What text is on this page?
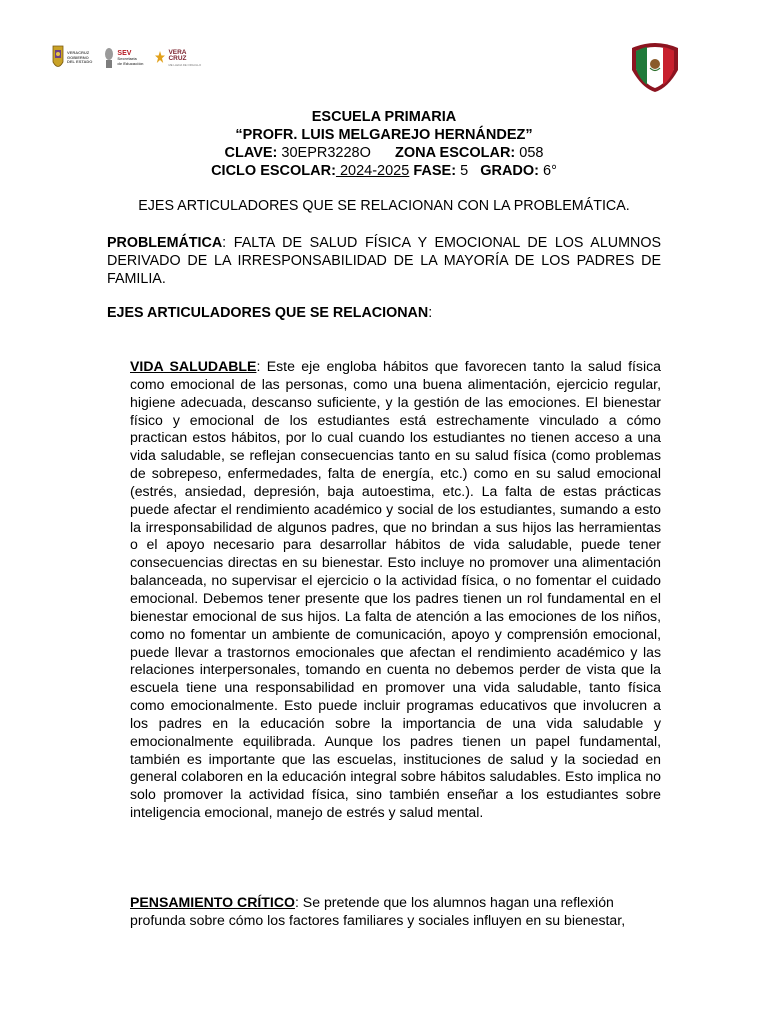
VERACRUZ
GOBIERNO
DEL ESTADO
SEV
Secretaría
de Educación
VERA
CRUZ
ME LLENA DE ORGULLO
ESCUELA PRIMARIA
“PROFR. LUIS MELGAREJO HERNÁNDEZ”
CLAVE: 30EPR3228O ZONA ESCOLAR: 058
CICLO ESCOLAR: 2024-2025 FASE: 5 GRADO: 6°
EJES ARTICULADORES QUE SE RELACIONAN CON LA PROBLEMÁTICA.
PROBLEMÁTICA: FALTA DE SALUD FÍSICA Y EMOCIONAL DE LOS ALUMNOS DERIVADO DE LA IRRESPONSABILIDAD DE LA MAYORÍA DE LOS PADRES DE FAMILIA.
EJES ARTICULADORES QUE SE RELACIONAN:
VIDA SALUDABLE: Este eje engloba hábitos que favorecen tanto la salud física como emocional de las personas, como una buena alimentación, ejercicio regular, higiene adecuada, descanso suficiente, y la gestión de las emociones. El bienestar físico y emocional de los estudiantes está estrechamente vinculado a cómo practican estos hábitos, por lo cual cuando los estudiantes no tienen acceso a una vida saludable, se reflejan consecuencias tanto en su salud física (como problemas de sobrepeso, enfermedades, falta de energía, etc.) como en su salud emocional (estrés, ansiedad, depresión, baja autoestima, etc.). La falta de estas prácticas puede afectar el rendimiento académico y social de los estudiantes, sumando a esto la irresponsabilidad de algunos padres, que no brindan a sus hijos las herramientas o el apoyo necesario para desarrollar hábitos de vida saludable, puede tener consecuencias directas en su bienestar. Esto incluye no promover una alimentación balanceada, no supervisar el ejercicio o la actividad física, o no fomentar el cuidado emocional. Debemos tener presente que los padres tienen un rol fundamental en el bienestar emocional de sus hijos. La falta de atención a las emociones de los niños, como no fomentar un ambiente de comunicación, apoyo y comprensión emocional, puede llevar a trastornos emocionales que afectan el rendimiento académico y las relaciones interpersonales, tomando en cuenta no debemos perder de vista que la escuela tiene una responsabilidad en promover una vida saludable, tanto física como emocionalmente. Esto puede incluir programas educativos que involucren a los padres en la educación sobre la importancia de una vida saludable y emocionalmente equilibrada. Aunque los padres tienen un papel fundamental, también es importante que las escuelas, instituciones de salud y la sociedad en general colaboren en la educación integral sobre hábitos saludables. Esto implica no solo promover la actividad física, sino también enseñar a los estudiantes sobre inteligencia emocional, manejo de estrés y salud mental.
PENSAMIENTO CRÍTICO: Se pretende que los alumnos hagan una reflexión profunda sobre cómo los factores familiares y sociales influyen en su bienestar,
